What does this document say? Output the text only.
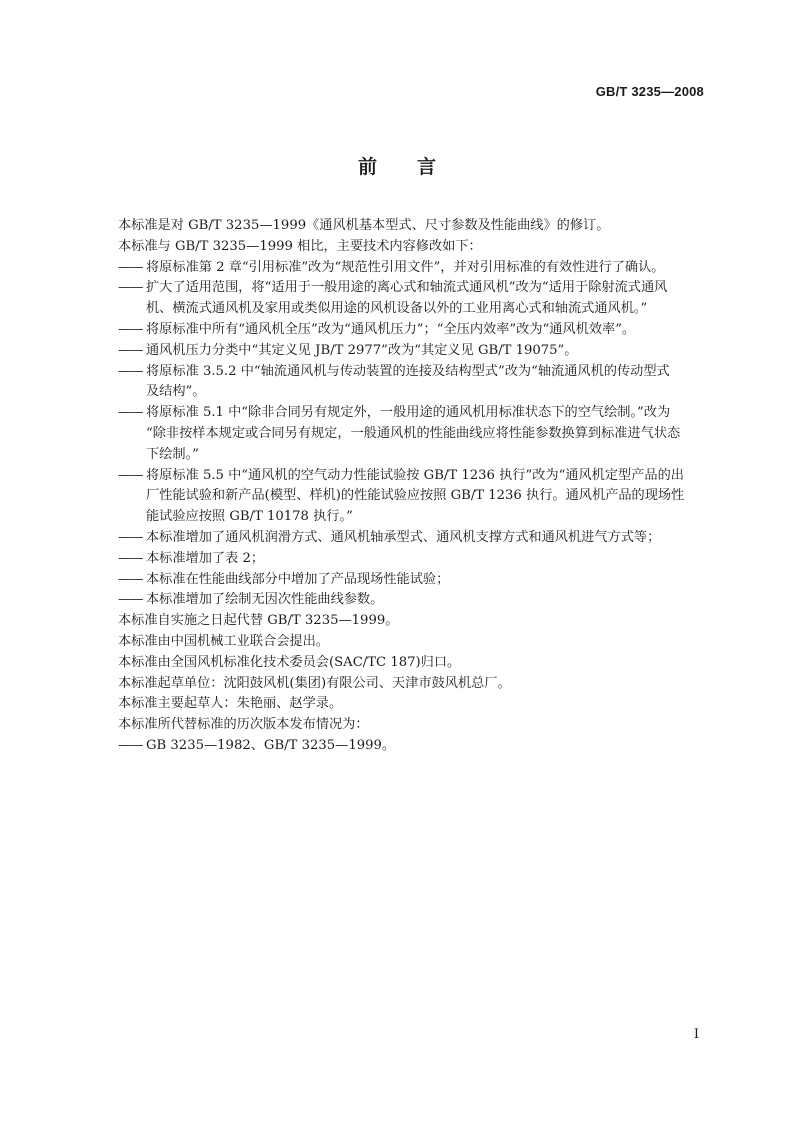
GB/T 3235—2008
前言

本标准是对 GB/T 3235—1999《通风机基本型式、尺寸参数及性能曲线》的修订。

本标准与 GB/T 3235—1999 相比，主要技术内容修改如下：

—— 将原标准第 2 章“引用标准”改为“规范性引用文件”，并对引用标准的有效性进行了确认。

—— 扩大了适用范围，将“适用于一般用途的离心式和轴流式通风机”改为“适用于除射流式通风
机、横流式通风机及家用或类似用途的风机设备以外的工业用离心式和轴流式通风机。”

—— 将原标准中所有“通风机全压”改为“通风机压力”；“全压内效率”改为“通风机效率”。

—— 通风机压力分类中“其定义见 JB/T 2977”改为“其定义见 GB/T 19075”。

—— 将原标准 3.5.2 中“轴流通风机与传动装置的连接及结构型式”改为“轴流通风机的传动型式
及结构”。

—— 将原标准 5.1 中“除非合同另有规定外，一般用途的通风机用标准状态下的空气绘制。”改为
“除非按样本规定或合同另有规定，一般通风机的性能曲线应将性能参数换算到标准进气状态
下绘制。”

—— 将原标准 5.5 中“通风机的空气动力性能试验按 GB/T 1236 执行”改为“通风机定型产品的出
厂性能试验和新产品(模型、样机)的性能试验应按照 GB/T 1236 执行。通风机产品的现场性
能试验应按照 GB/T 10178 执行。”

—— 本标准增加了通风机润滑方式、通风机轴承型式、通风机支撑方式和通风机进气方式等；

—— 本标准增加了表 2；

—— 本标准在性能曲线部分中增加了产品现场性能试验；

—— 本标准增加了绘制无因次性能曲线参数。

本标准自实施之日起代替 GB/T 3235—1999。

本标准由中国机械工业联合会提出。

本标准由全国风机标准化技术委员会(SAC/TC 187)归口。

本标准起草单位：沈阳鼓风机(集团)有限公司、天津市鼓风机总厂。

本标准主要起草人：朱艳丽、赵学录。

本标准所代替标准的历次版本发布情况为：

—— GB 3235—1982、GB/T 3235—1999。

I
